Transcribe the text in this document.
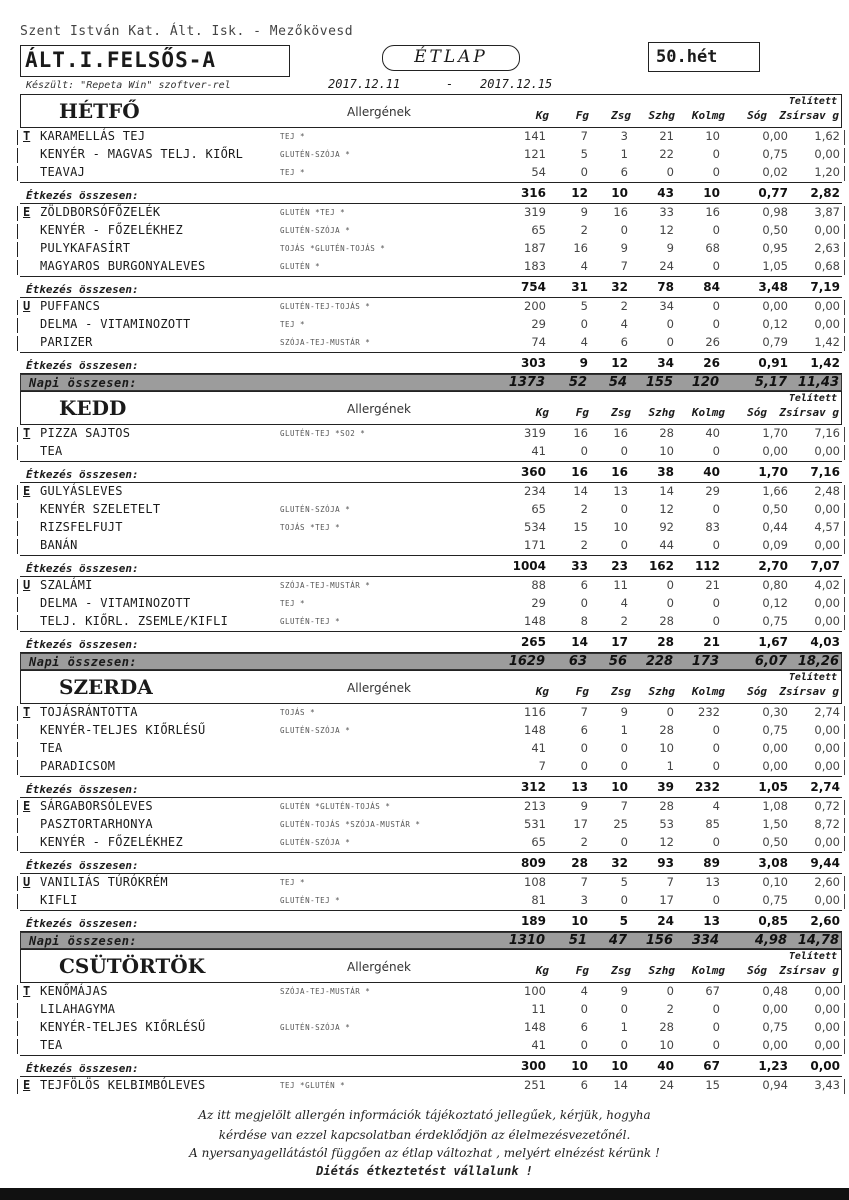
Szent István Kat. Ált. Isk. - Mezőkövesd
ÁLT.I.FELSŐS-A
Készült: "Repeta Win" szoftver-rel
ÉTLAP	50.hét
2017.12.11	- 2017.12.15
HÉTFŐ	Allergének
Telített
Kg Fg Zsg Szhg Kolmg Sóg Zsírsav g
T KARAMELLÁS TEJ	TEJ *	141	7	3	21	10	0,00 1,62
KENYÉR - MAGVAS TELJ. KIŐRL	GLUTÉN-SZÓJA *	121	5	1	22	0	0,75 0,00
TEAVAJ	TEJ *	54	0	6	0	0	0,02 1,20
316 12 10 43 10	0,77 2,82
Étkezés összesen:
E ZÖLDBORSÓFŐZELÉK	GLUTÉN *TEJ *	319	9 16	33	16	0,98 3,87
KENYÉR - FŐZELÉKHEZ	GLUTÉN-SZÓJA *	65	2	0	12	0	0,50 0,00
PULYKAFASÍRT	TOJÁS *GLUTÉN-TOJÁS *	187 16	9	9	68	0,95 2,63
MAGYAROS BURGONYALEVES	GLUTÉN *	183	4	7	24	0	1,05 0,68
754 31 32 78 84	3,48 7,19
Étkezés összesen:
U PUFFANCS	GLUTÉN-TEJ-TOJÁS *	200	5	2	34	0	0,00 0,00
DELMA - VITAMINOZOTT	TEJ *	29	0	4	0	0	0,12 0,00
PARIZER	SZÓJA-TEJ-MUSTÁR *	74	4	6	0	26	0,79 1,42
303	9 12 34 26	0,91 1,42
Étkezés összesen:
Napi összesen:	1373 52 54 155 120	5,17 11,43
KEDD	Allergének
Telített
Kg Fg Zsg Szhg Kolmg Sóg Zsírsav g
T PIZZA SAJTOS	GLUTÉN-TEJ *SO2 *	319 16 16	28	40	1,70 7,16
TEA	41	0	0	10	0	0,00 0,00
360 16 16 38 40	1,70 7,16
Étkezés összesen:
E GULYÁSLEVES	234 14 13	14	29	1,66 2,48
KENYÉR SZELETELT	GLUTÉN-SZÓJA *	65	2	0	12	0	0,50 0,00
RIZSFELFUJT	TOJÁS *TEJ *	534 15 10	92	83	0,44 4,57
BANÁN	171	2	0	44	0	0,09 0,00
1004 33 23 162 112	2,70 7,07
Étkezés összesen:
U SZALÁMI	SZÓJA-TEJ-MUSTÁR *	88	6 11	0	21	0,80 4,02
DELMA - VITAMINOZOTT	TEJ *	29	0	4	0	0	0,12 0,00
TELJ. KIŐRL. ZSEMLE/KIFLI	GLUTÉN-TEJ *	148	8	2	28	0	0,75 0,00
265 14 17 28 21	1,67 4,03
Étkezés összesen:
Napi összesen:	1629 63 56 228 173	6,07 18,26
SZERDA	Allergének
Telített
Kg Fg Zsg Szhg Kolmg Sóg Zsírsav g
T TOJÁSRÁNTOTTA	TOJÁS *	116	7	9	0 232	0,30 2,74
KENYÉR-TELJES KIŐRLÉSŰ	GLUTÉN-SZÓJA *	148	6	1	28	0	0,75 0,00
TEA	41	0	0	10	0	0,00 0,00
PARADICSOM	7	0	0	1	0	0,00 0,00
312 13 10 39 232	1,05 2,74
Étkezés összesen:
E SÁRGABORSÓLEVES	GLUTÉN *GLUTÉN-TOJÁS *	213	9	7	28	4	1,08 0,72
PASZTORTARHONYA	GLUTÉN-TOJÁS *SZÓJA-MUSTÁR *	531 17 25	53	85	1,50 8,72
KENYÉR - FŐZELÉKHEZ	GLUTÉN-SZÓJA *	65	2	0	12	0	0,50 0,00
809 28 32 93 89	3,08 9,44
Étkezés összesen:
U VANILIÁS TÚRÓKRÉM	TEJ *	108	7	5	7	13	0,10 2,60
KIFLI	GLUTÉN-TEJ *	81	3	0	17	0	0,75 0,00
189 10	5 24 13	0,85 2,60
Étkezés összesen:
Napi összesen:	1310 51 47 156 334	4,98 14,78
CSÜTÖRTÖK	Allergének
Telített
Kg Fg Zsg Szhg Kolmg Sóg Zsírsav g
T KENŐMÁJAS	SZÓJA-TEJ-MUSTÁR *	100	4	9	0	67	0,48 0,00
LILAHAGYMA	11	0	0	2	0	0,00 0,00
KENYÉR-TELJES KIŐRLÉSŰ	GLUTÉN-SZÓJA *	148	6	1	28	0	0,75 0,00
TEA	41	0	0	10	0	0,00 0,00
300 10 10 40 67	1,23 0,00
Étkezés összesen:
E TEJFÖLÖS KELBIMBÓLEVES	TEJ *GLUTÉN *	251	6 14	24	15	0,94 3,43
Az itt megjelölt allergén információk tájékoztató jellegűek, kérjük, hogyha
kérdése van ezzel kapcsolatban érdeklődjön az élelmezésvezetőnél.
A nyersanyagellátástól függően az étlap változhat , melyért elnézést kérünk !
Diétás étkeztetést vállalunk !
